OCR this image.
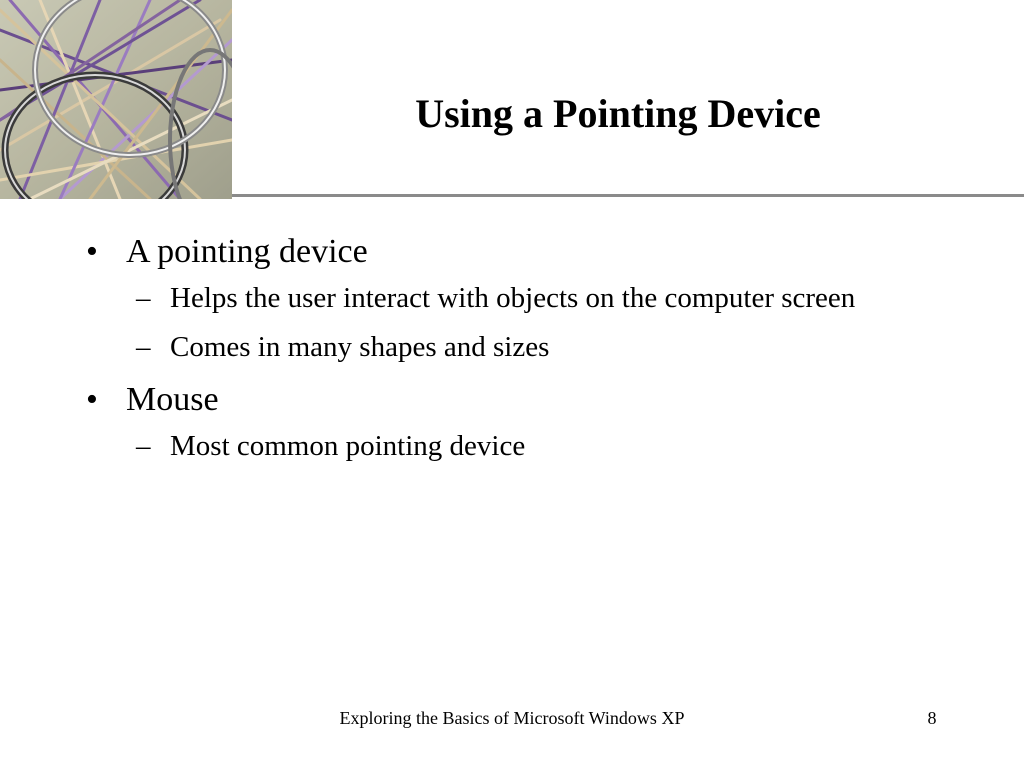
Using a Pointing Device

• A pointing device

– Helps the user interact with objects on the computer screen

– Comes in many shapes and sizes

• Mouse

– Most common pointing device

Exploring the Basics of Microsoft Windows XP	8
